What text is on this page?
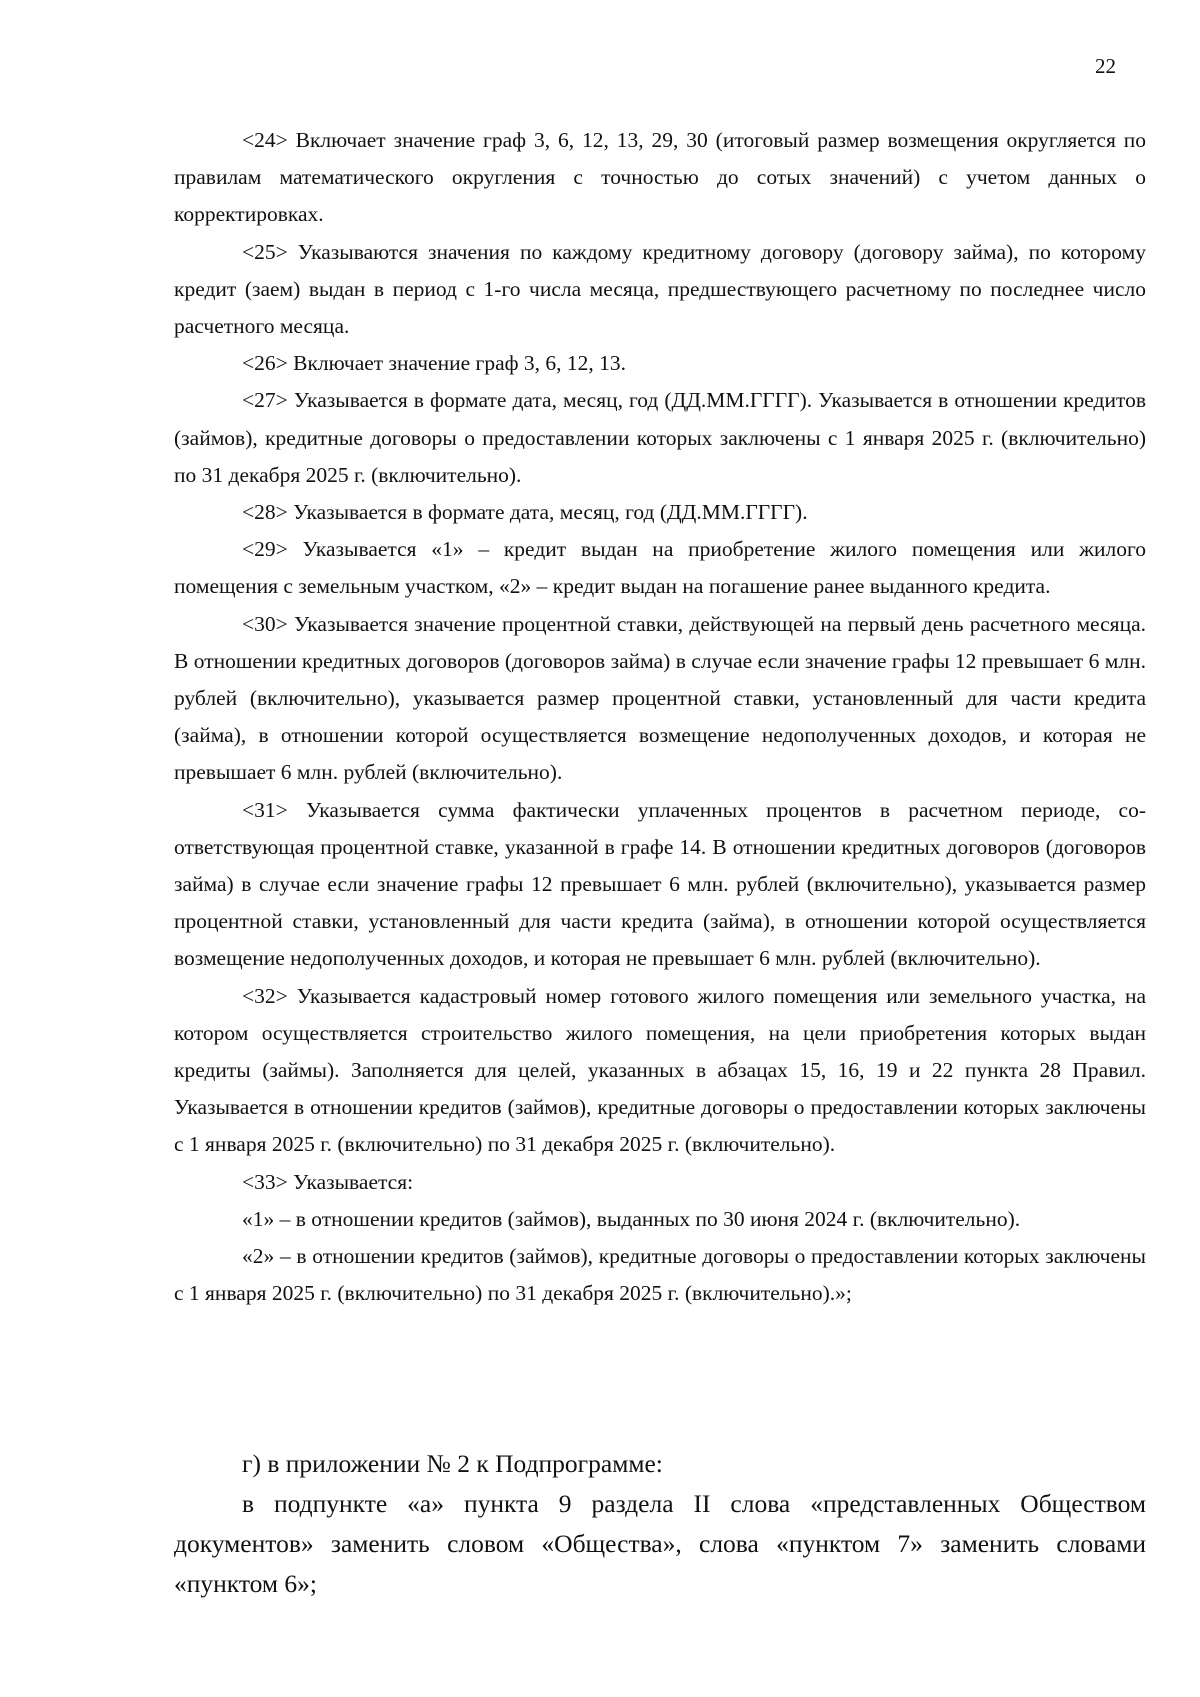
22

<24> Включает значение граф 3, 6, 12, 13, 29, 30 (итоговый размер возмещения округляется по правилам математического округления с точностью до сотых значений) с учетом данных о корректировках.

<25> Указываются значения по каждому кредитному договору (договору займа), по которому кредит (заем) выдан в период с 1-го числа месяца, предшествующего расчетному по последнее число расчетного месяца.

<26> Включает значение граф 3, 6, 12, 13.

<27> Указывается в формате дата, месяц, год (ДД.ММ.ГГГГ). Указывается в отношении кредитов (займов), кредитные договоры о предоставлении которых заключены с 1 января 2025 г. (включительно) по 31 декабря 2025 г. (включительно).

<28> Указывается в формате дата, месяц, год (ДД.ММ.ГГГГ).

<29> Указывается «1» – кредит выдан на приобретение жилого помещения или жилого помещения с земельным участком, «2» – кредит выдан на погашение ранее выданного кредита.

<30> Указывается значение процентной ставки, действующей на первый день расчетного месяца. В отношении кредитных договоров (договоров займа) в случае если значение графы 12 превышает 6 млн. рублей (включительно), указывается размер процентной ставки, установленный для части кредита (займа), в отношении которой осуществляется возмещение недополученных доходов, и которая не превышает 6 млн. рублей (включительно).

<31> Указывается сумма фактически уплаченных процентов в расчетном периоде, соответствующая процентной ставке, указанной в графе 14. В отношении кредитных договоров (договоров займа) в случае если значение графы 12 превышает 6 млн. рублей (включительно), указывается размер процентной ставки, установленный для части кредита (займа), в отношении которой осуществляется возмещение недополученных доходов, и которая не превышает 6 млн. рублей (включительно).

<32> Указывается кадастровый номер готового жилого помещения или земельного участка, на котором осуществляется строительство жилого помещения, на цели приобретения которых выдан кредиты (займы). Заполняется для целей, указанных в абзацах 15, 16, 19 и 22 пункта 28 Правил. Указывается в отношении кредитов (займов), кредитные договоры о предоставлении которых заключены с 1 января 2025 г. (включительно) по 31 декабря 2025 г. (включительно).

<33> Указывается:

«1» – в отношении кредитов (займов), выданных по 30 июня 2024 г. (включительно).

«2» – в отношении кредитов (займов), кредитные договоры о предоставлении которых заключены с 1 января 2025 г. (включительно) по 31 декабря 2025 г. (включительно).»;

г) в приложении № 2 к Подпрограмме:

в подпункте «а» пункта 9 раздела II слова «представленных Обществом документов» заменить словом «Общества», слова «пунктом 7» заменить словами «пунктом 6»;
